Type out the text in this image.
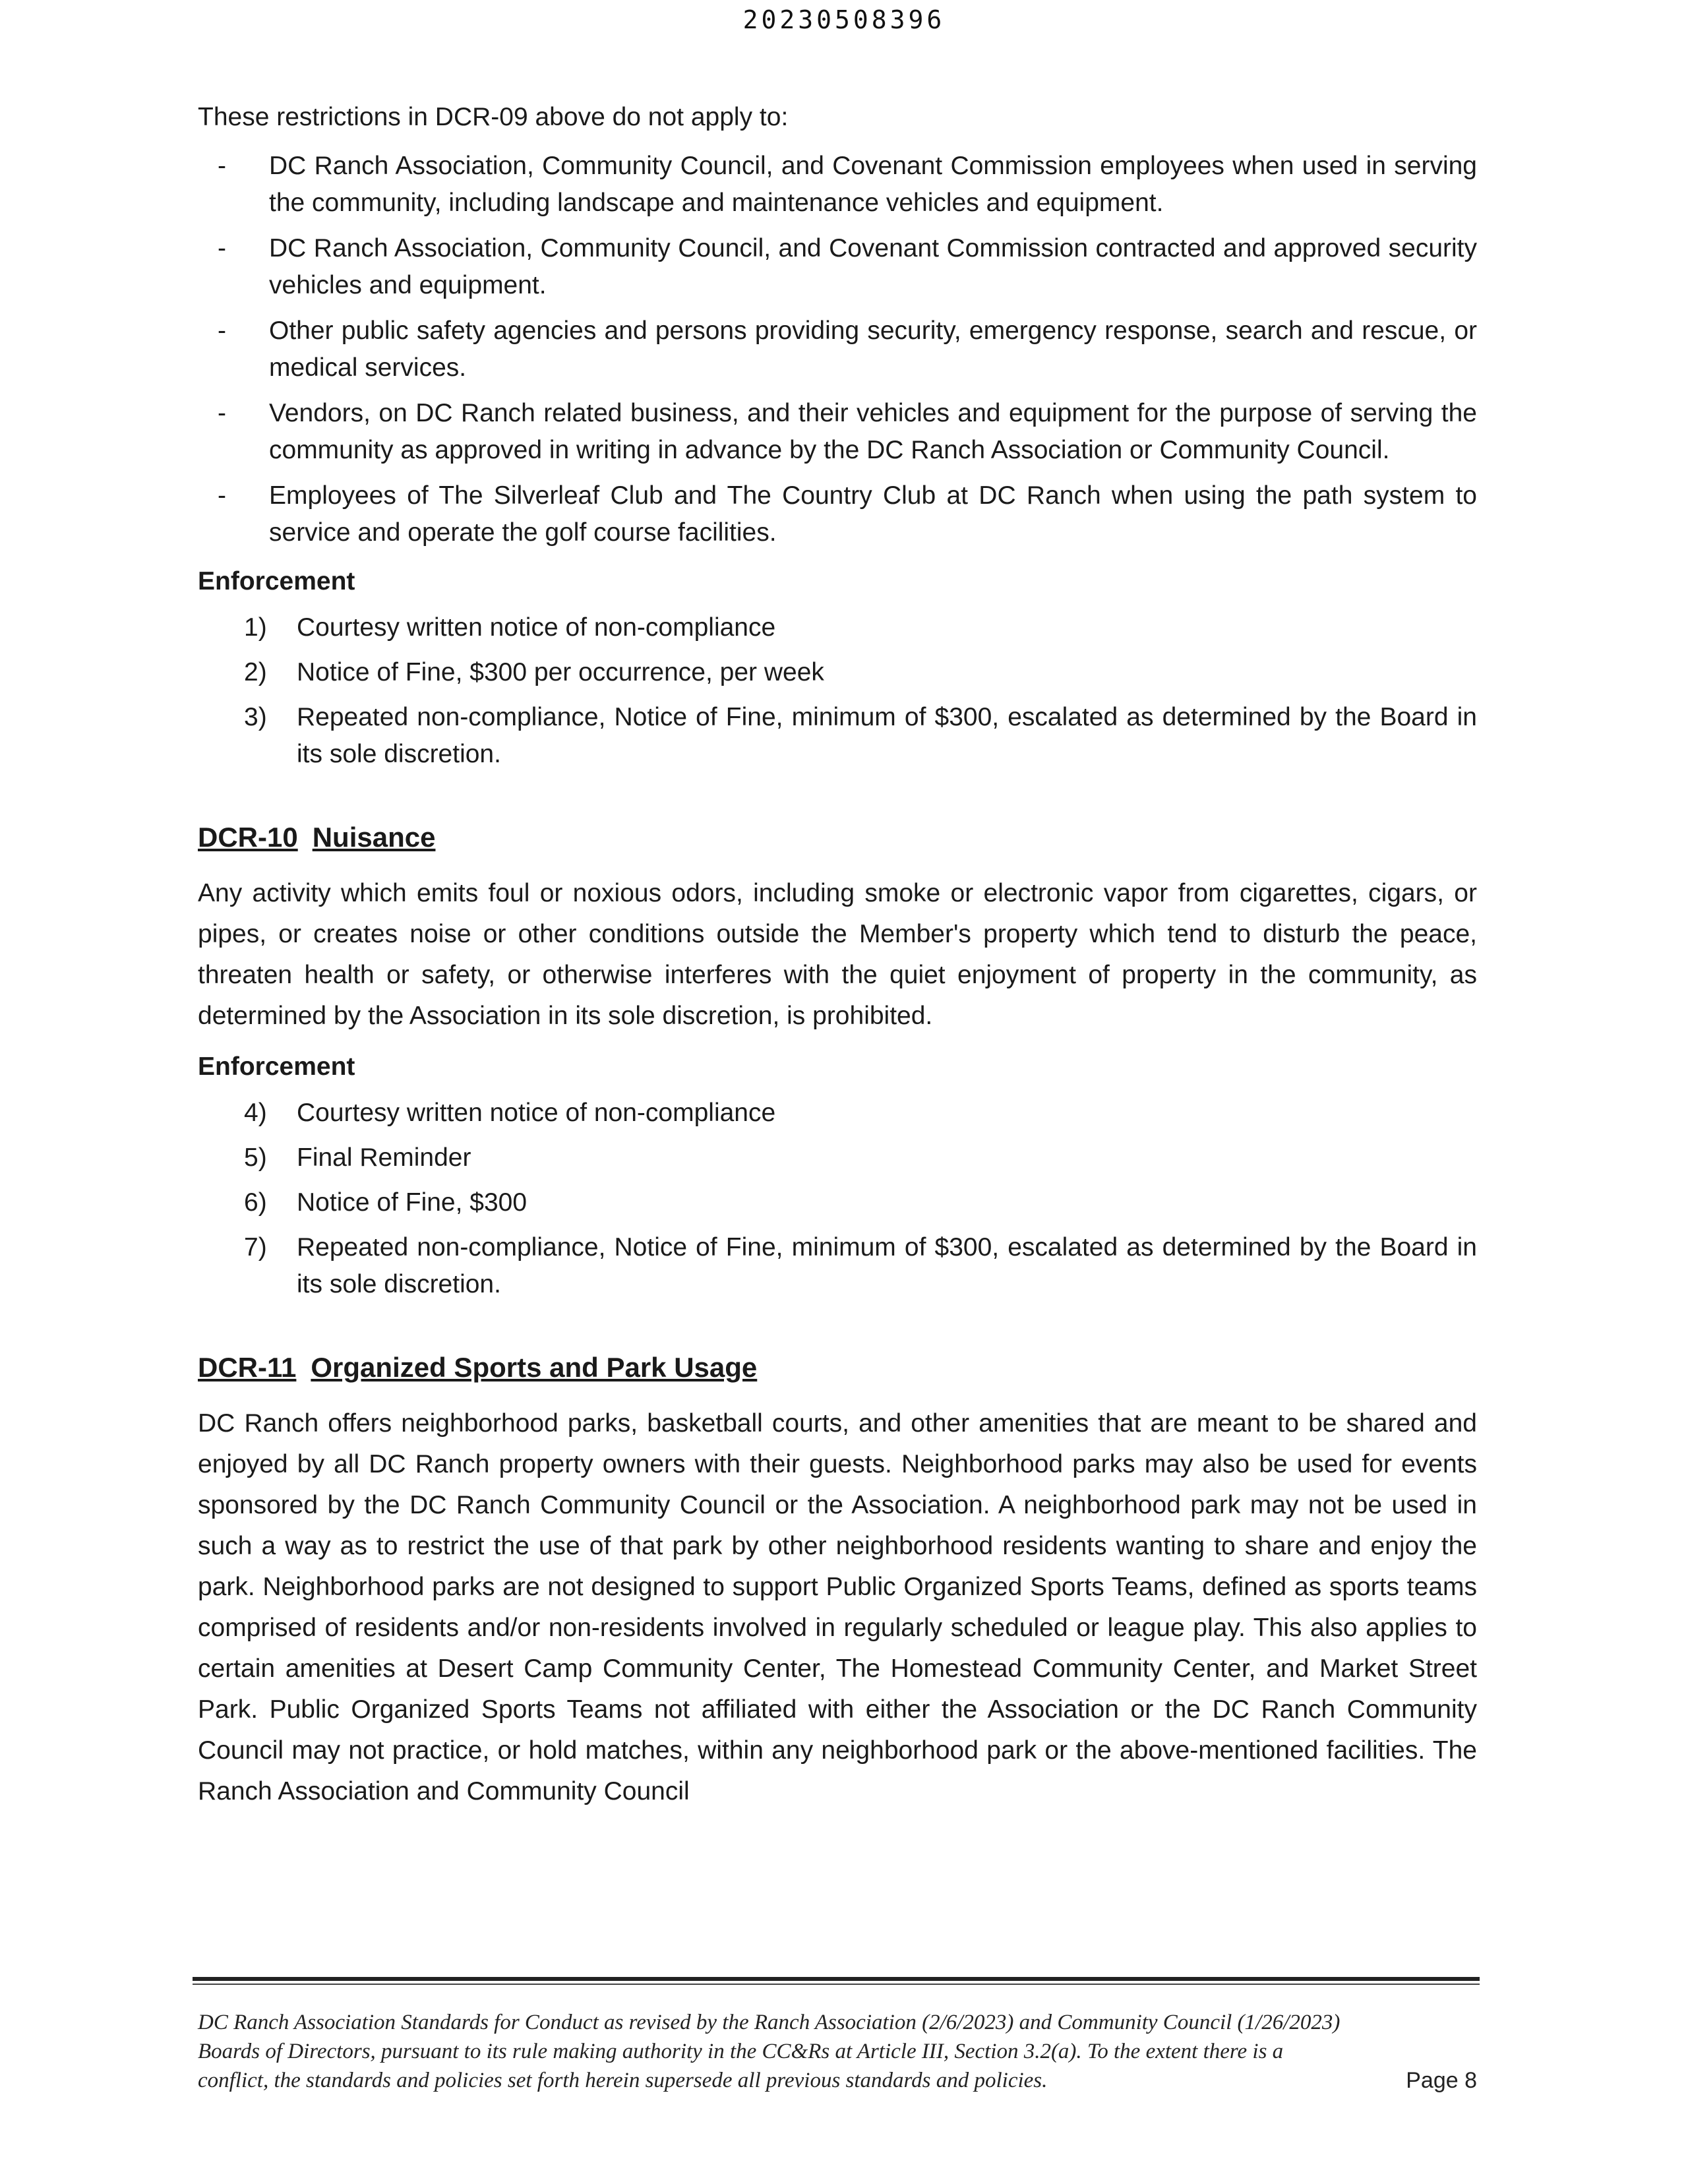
20230508396

These restrictions in DCR-09 above do not apply to:

- DC Ranch Association, Community Council, and Covenant Commission employees when used in serving the community, including landscape and maintenance vehicles and equipment.
- DC Ranch Association, Community Council, and Covenant Commission contracted and approved security vehicles and equipment.
- Other public safety agencies and persons providing security, emergency response, search and rescue, or medical services.
- Vendors, on DC Ranch related business, and their vehicles and equipment for the purpose of serving the community as approved in writing in advance by the DC Ranch Association or Community Council.
- Employees of The Silverleaf Club and The Country Club at DC Ranch when using the path system to service and operate the golf course facilities.
Enforcement
1) Courtesy written notice of non-compliance
2) Notice of Fine, $300 per occurrence, per week
3) Repeated non-compliance, Notice of Fine, minimum of $300, escalated as determined by the Board in its sole discretion.
DCR-10 Nuisance

Any activity which emits foul or noxious odors, including smoke or electronic vapor from cigarettes, cigars, or pipes, or creates noise or other conditions outside the Member's property which tend to disturb the peace, threaten health or safety, or otherwise interferes with the quiet enjoyment of property in the community, as determined by the Association in its sole discretion, is prohibited.

Enforcement
4) Courtesy written notice of non-compliance
5) Final Reminder
6) Notice of Fine, $300
7) Repeated non-compliance, Notice of Fine, minimum of $300, escalated as determined by the Board in its sole discretion.
DCR-11 Organized Sports and Park Usage

DC Ranch offers neighborhood parks, basketball courts, and other amenities that are meant to be shared and enjoyed by all DC Ranch property owners with their guests. Neighborhood parks may also be used for events sponsored by the DC Ranch Community Council or the Association. A neighborhood park may not be used in such a way as to restrict the use of that park by other neighborhood residents wanting to share and enjoy the park. Neighborhood parks are not designed to support Public Organized Sports Teams, defined as sports teams comprised of residents and/or non-residents involved in regularly scheduled or league play. This also applies to certain amenities at Desert Camp Community Center, The Homestead Community Center, and Market Street Park. Public Organized Sports Teams not affiliated with either the Association or the DC Ranch Community Council may not practice, or hold matches, within any neighborhood park or the above-mentioned facilities. The Ranch Association and Community Council

DC Ranch Association Standards for Conduct as revised by the Ranch Association (2/6/2023) and Community Council (1/26/2023) Boards of Directors, pursuant to its rule making authority in the CC&Rs at Article III, Section 3.2(a). To the extent there is a conflict, the standards and policies set forth herein supersede all previous standards and policies.	Page 8
